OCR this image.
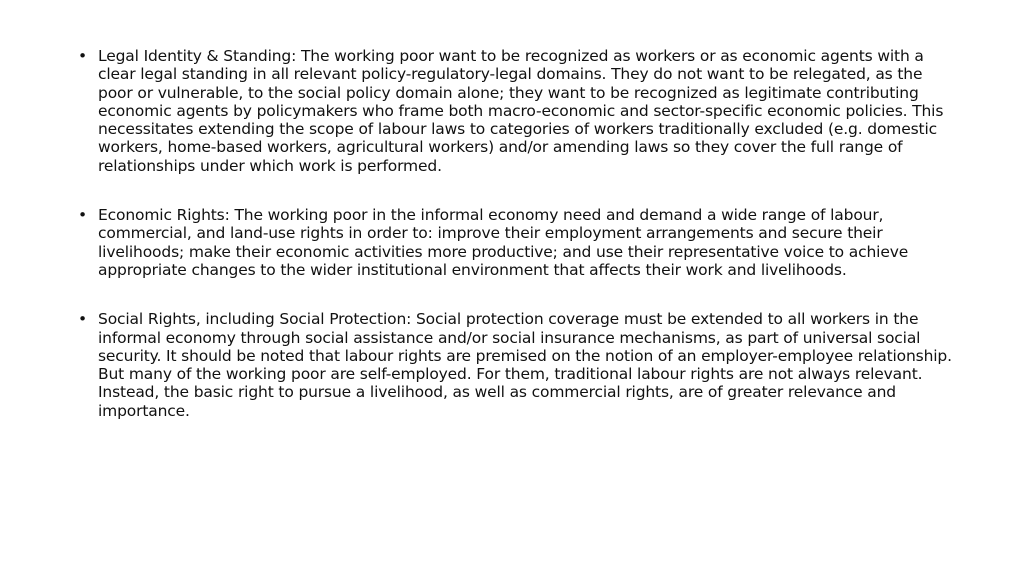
• Legal Identity & Standing: The working poor want to be recognized as workers or as economic agents with a clear legal standing in all relevant policy-regulatory-legal domains. They do not want to be relegated, as the poor or vulnerable, to the social policy domain alone; they want to be recognized as legitimate contributing economic agents by policymakers who frame both macro-economic and sector-specific economic policies. This necessitates extending the scope of labour laws to categories of workers traditionally excluded (e.g. domestic workers, home-based workers, agricultural workers) and/or amending laws so they cover the full range of relationships under which work is performed.
• Economic Rights: The working poor in the informal economy need and demand a wide range of labour, commercial, and land-use rights in order to: improve their employment arrangements and secure their livelihoods; make their economic activities more productive; and use their representative voice to achieve appropriate changes to the wider institutional environment that affects their work and livelihoods.
• Social Rights, including Social Protection: Social protection coverage must be extended to all workers in the informal economy through social assistance and/or social insurance mechanisms, as part of universal social security. It should be noted that labour rights are premised on the notion of an employer-employee relationship. But many of the working poor are self-employed. For them, traditional labour rights are not always relevant. Instead, the basic right to pursue a livelihood, as well as commercial rights, are of greater relevance and importance.
